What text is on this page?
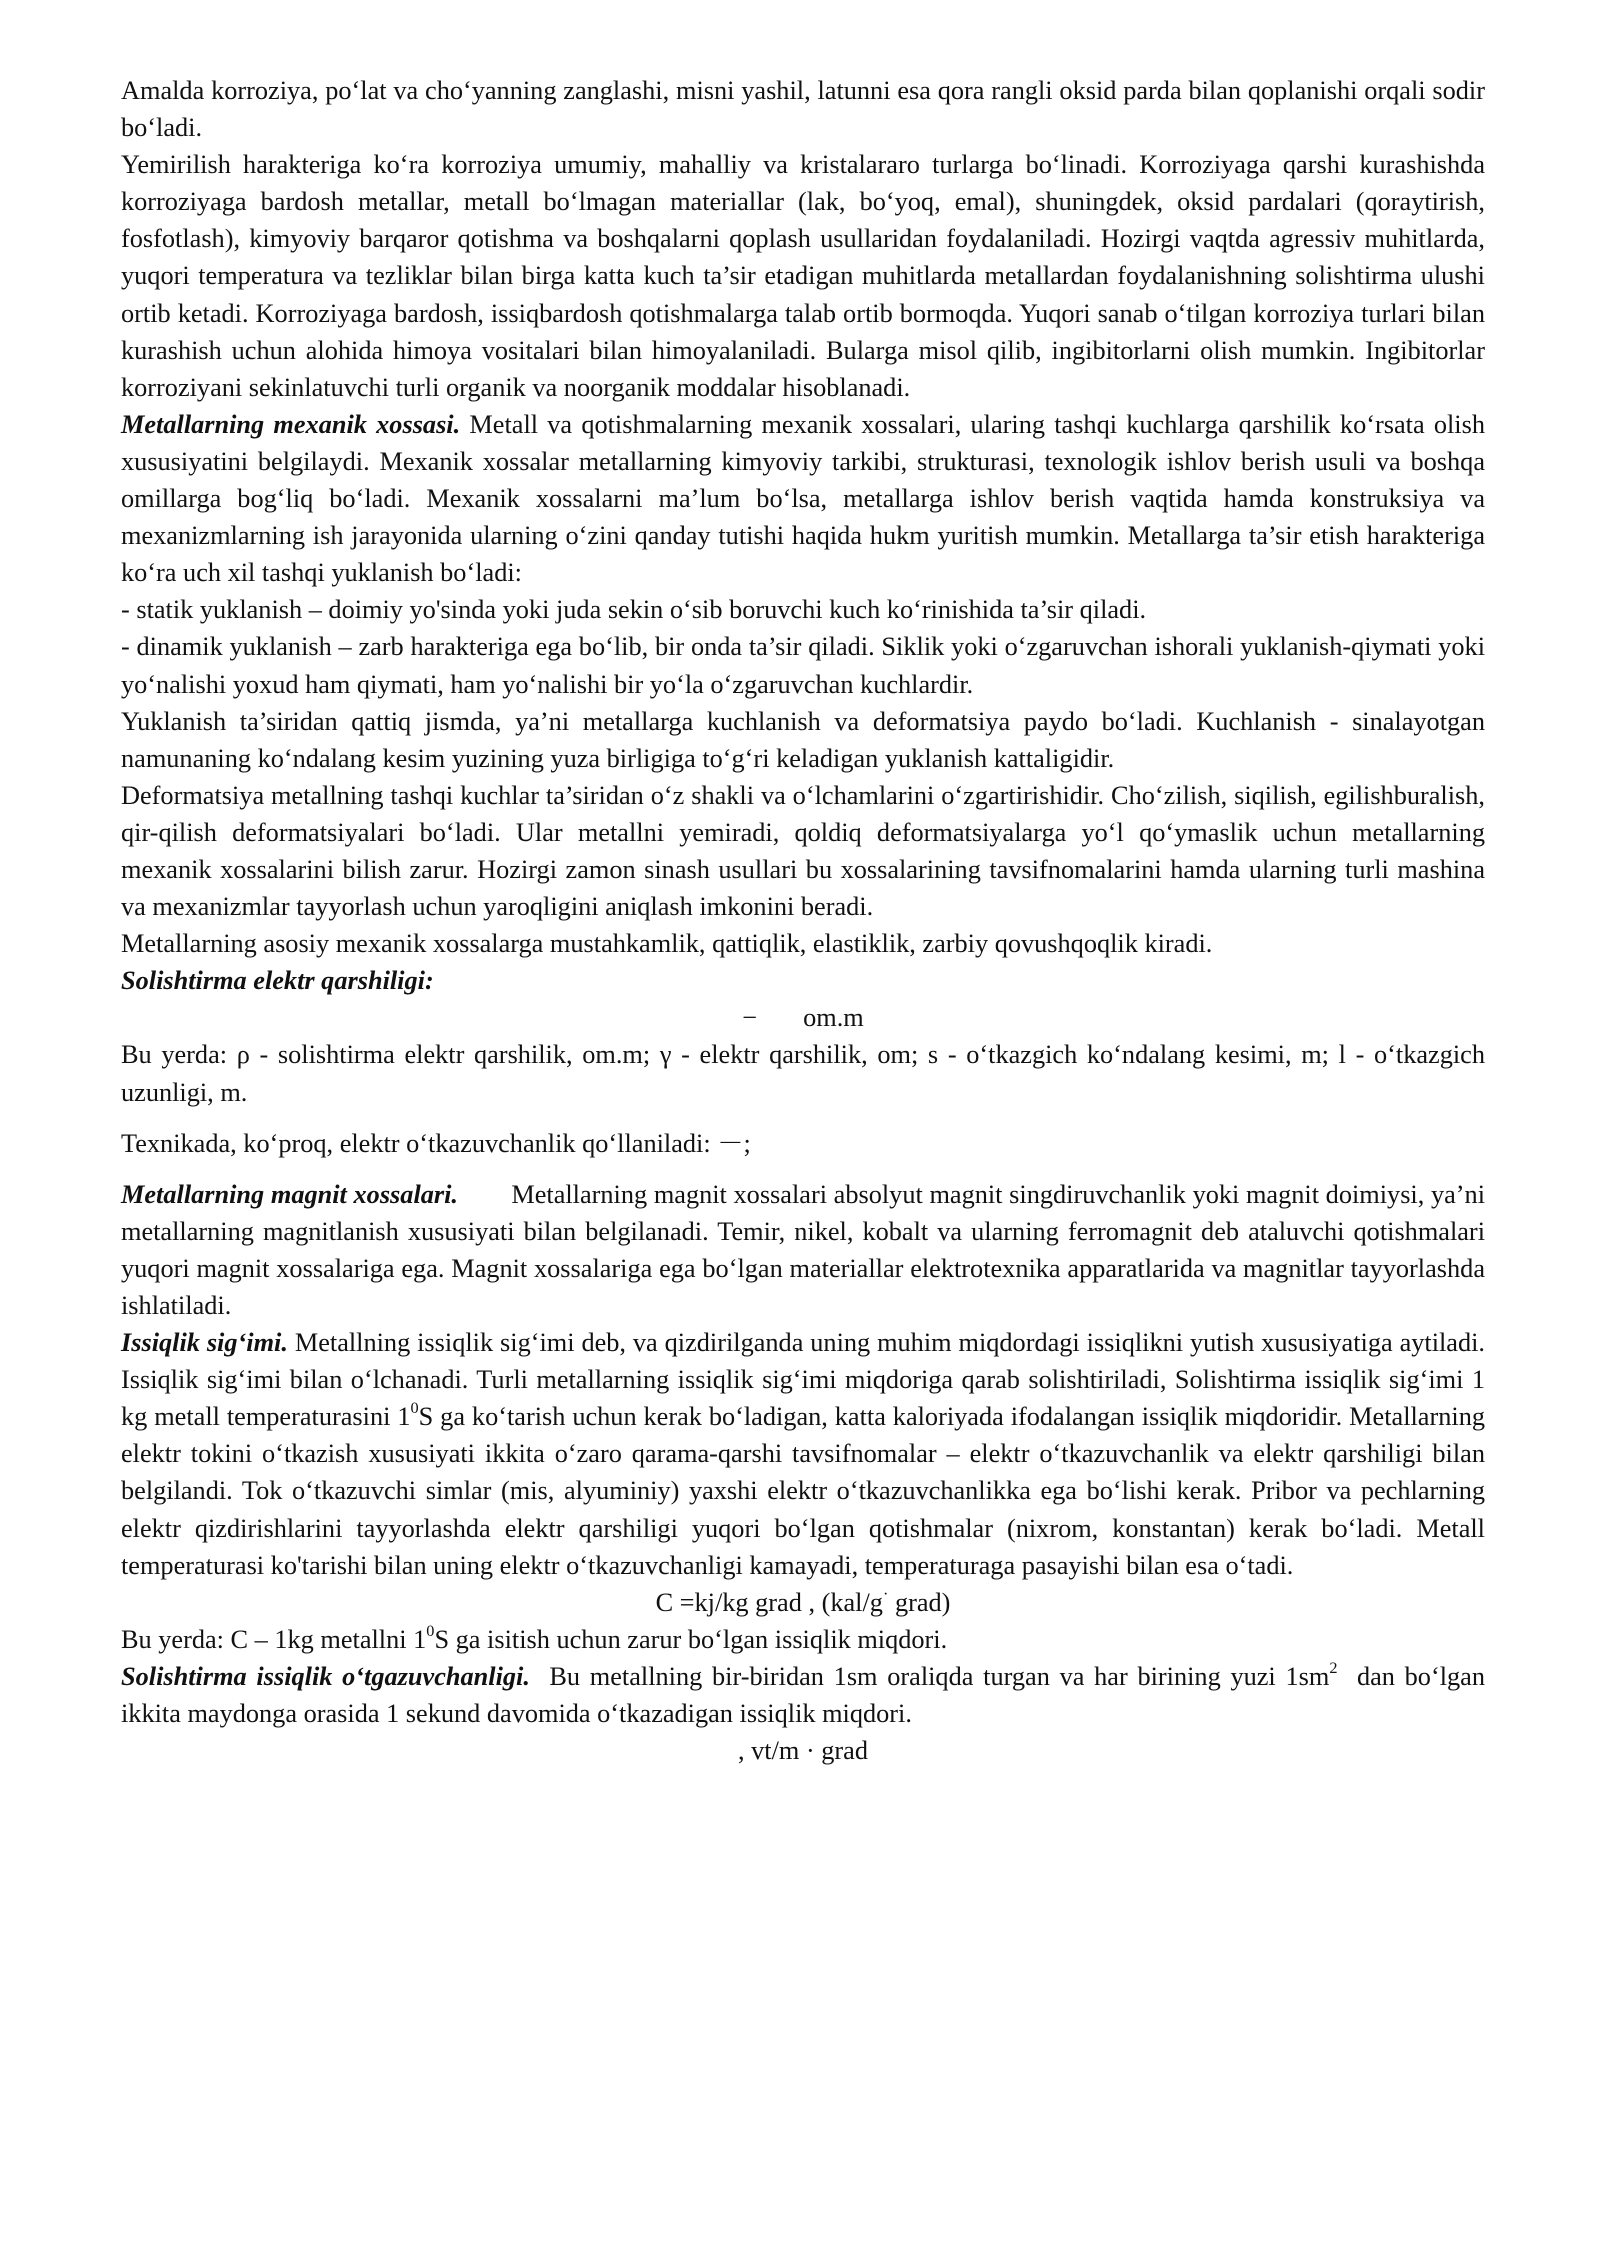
Amalda korroziya, po‘lat va cho‘yanning zanglashi, misni yashil, latunni esa qora rangli oksid parda bilan qoplanishi orqali sodir bo‘ladi.

Yemirilish harakteriga ko‘ra korroziya umumiy, mahalliy va kristalararo turlarga bo‘linadi. Korroziyaga qarshi kurashishda korroziyaga bardosh metallar, metall bo‘lmagan materiallar (lak, bo‘yoq, emal), shuningdek, oksid pardalari (qoraytirish, fosfotlash), kimyoviy barqaror qotishma va boshqalarni qoplash usullaridan foydalaniladi. Hozirgi vaqtda agressiv muhitlarda, yuqori temperatura va tezliklar bilan birga katta kuch ta’sir etadigan muhitlarda metallardan foydalanishning solishtirma ulushi ortib ketadi. Korroziyaga bardosh, issiqbardosh qotishmalarga talab ortib bormoqda. Yuqori sanab o‘tilgan korroziya turlari bilan kurashish uchun alohida himoya vositalari bilan himoyalaniladi. Bularga misol qilib, ingibitorlarni olish mumkin. Ingibitorlar korroziyani sekinlatuvchi turli organik va noorganik moddalar hisoblanadi.

Metallarning mexanik xossasi. Metall va qotishmalarning mexanik xossalari, ularing tashqi kuchlarga qarshilik ko‘rsata olish xususiyatini belgilaydi. Mexanik xossalar metallarning kimyoviy tarkibi, strukturasi, texnologik ishlov berish usuli va boshqa omillarga bog‘liq bo‘ladi. Mexanik xossalarni ma’lum bo‘lsa, metallarga ishlov berish vaqtida hamda konstruksiya va mexanizmlarning ish jarayonida ularning o‘zini qanday tutishi haqida hukm yuritish mumkin. Metallarga ta’sir etish harakteriga ko‘ra uch xil tashqi yuklanish bo‘ladi:

- statik yuklanish – doimiy yo'sinda yoki juda sekin o‘sib boruvchi kuch ko‘rinishida ta’sir qiladi.

- dinamik yuklanish – zarb harakteriga ega bo‘lib, bir onda ta’sir qiladi. Siklik yoki o‘zgaruvchan ishorali yuklanish-qiymati yoki yo‘nalishi yoxud ham qiymati, ham yo‘nalishi bir yo‘la o‘zgaruvchan kuchlardir.

Yuklanish ta’siridan qattiq jismda, ya’ni metallarga kuchlanish va deformatsiya paydo bo‘ladi. Kuchlanish - sinalayotgan namunaning ko‘ndalang kesim yuzining yuza birligiga to‘g‘ri keladigan yuklanish kattaligidir.

Deformatsiya metallning tashqi kuchlar ta’siridan o‘z shakli va o‘lchamlarini o‘zgartirishidir. Cho‘zilish, siqilish, egilishburalish, qir-qilish deformatsiyalari bo‘ladi. Ular metallni yemiradi, qoldiq deformatsiyalarga yo‘l qo‘ymaslik uchun metallarning mexanik xossalarini bilish zarur. Hozirgi zamon sinash usullari bu xossalarining tavsifnomalarini hamda ularning turli mashina va mexanizmlar tayyorlash uchun yaroqligini aniqlash imkonini beradi.

Metallarning asosiy mexanik xossalarga mustahkamlik, qattiqlik, elastiklik, zarbiy qovushqoqlik kiradi.

Solishtirma elektr qarshiligi:

− om.m

Bu yerda: ρ - solishtirma elektr qarshilik, om.m; γ - elektr qarshilik, om; s - o‘tkazgich ko‘ndalang kesimi, m; l - o‘tkazgich uzunligi, m.

Texnikada, ko‘proq, elektr o‘tkazuvchanlik qo‘llaniladi: －;

Metallarning magnit xossalari.        Metallarning magnit xossalari absolyut magnit singdiruvchanlik yoki magnit doimiysi, ya’ni metallarning magnitlanish xususiyati bilan belgilanadi. Temir, nikel, kobalt va ularning ferromagnit deb ataluvchi qotishmalari yuqori magnit xossalariga ega. Magnit xossalariga ega bo‘lgan materiallar elektrotexnika apparatlarida va magnitlar tayyorlashda ishlatiladi.

Issiqlik sig‘imi. Metallning issiqlik sig‘imi deb, va qizdirilganda uning muhim miqdordagi issiqlikni yutish xususiyatiga aytiladi. Issiqlik sig‘imi bilan o‘lchanadi. Turli metallarning issiqlik sig‘imi miqdoriga qarab solishtiriladi, Solishtirma issiqlik sig‘imi 1 kg metall temperaturasini $1^0S$ ga ko‘tarish uchun kerak bo‘ladigan, katta kaloriyada ifodalangan issiqlik miqdoridir. Metallarning elektr tokini o‘tkazish xususiyati ikkita o‘zaro qarama-qarshi tavsifnomalar – elektr o‘tkazuvchanlik va elektr qarshiligi bilan belgilandi. Tok o‘tkazuvchi simlar (mis, alyuminiy) yaxshi elektr o‘tkazuvchanlikka ega bo‘lishi kerak. Pribor va pechlarning elektr qizdirishlarini tayyorlashda elektr qarshiligi yuqori bo‘lgan qotishmalar (nixrom, konstantan) kerak bo‘ladi. Metall temperaturasi ko'tarishi bilan uning elektr o‘tkazuvchanligi kamayadi, temperaturaga pasayishi bilan esa o‘tadi.

C =kj/kg grad , (kal/g· grad)

Bu yerda: C – 1kg metallni $1^0S$ ga isitish uchun zarur bo‘lgan issiqlik miqdori.

Solishtirma issiqlik o‘tgazuvchanligi.  Bu metallning bir-biridan 1sm oraliqda turgan va har birining yuzi $1sm^2$  dan bo‘lgan ikkita maydonga orasida 1 sekund davomida o‘tkazadigan issiqlik miqdori.

, vt/m · grad
